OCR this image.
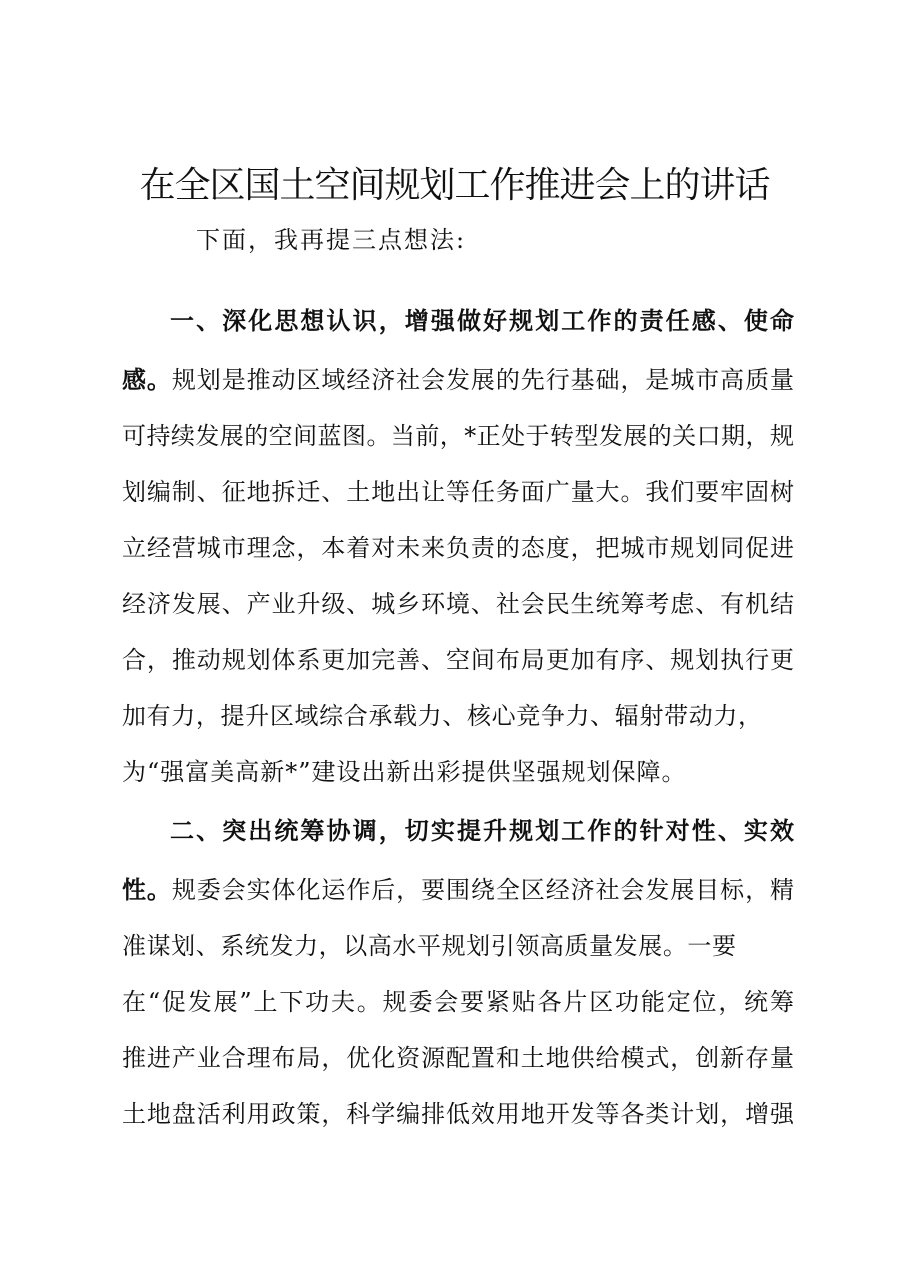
在全区国土空间规划工作推进会上的讲话
下面，我再提三点想法:
一、深化思想认识，增强做好规划工作的责任感、使命
感。规划是推动区域经济社会发展的先行基础，是城市高质量
可持续发展的空间蓝图。当前，*正处于转型发展的关口期，规
划编制、征地拆迁、土地出让等任务面广量大。我们要牢固树
立经营城市理念，本着对未来负责的态度，把城市规划同促进
经济发展、产业升级、城乡环境、社会民生统筹考虑、有机结
合，推动规划体系更加完善、空间布局更加有序、规划执行更
加有力，提升区域综合承载力、核心竞争力、辐射带动力，
为“强富美高新*”建设出新出彩提供坚强规划保障。
二、突出统筹协调，切实提升规划工作的针对性、实效
性。规委会实体化运作后，要围绕全区经济社会发展目标，精
准谋划、系统发力，以高水平规划引领高质量发展。一要
在“促发展”上下功夫。规委会要紧贴各片区功能定位，统筹
推进产业合理布局，优化资源配置和土地供给模式，创新存量
土地盘活利用政策，科学编排低效用地开发等各类计划，增强
